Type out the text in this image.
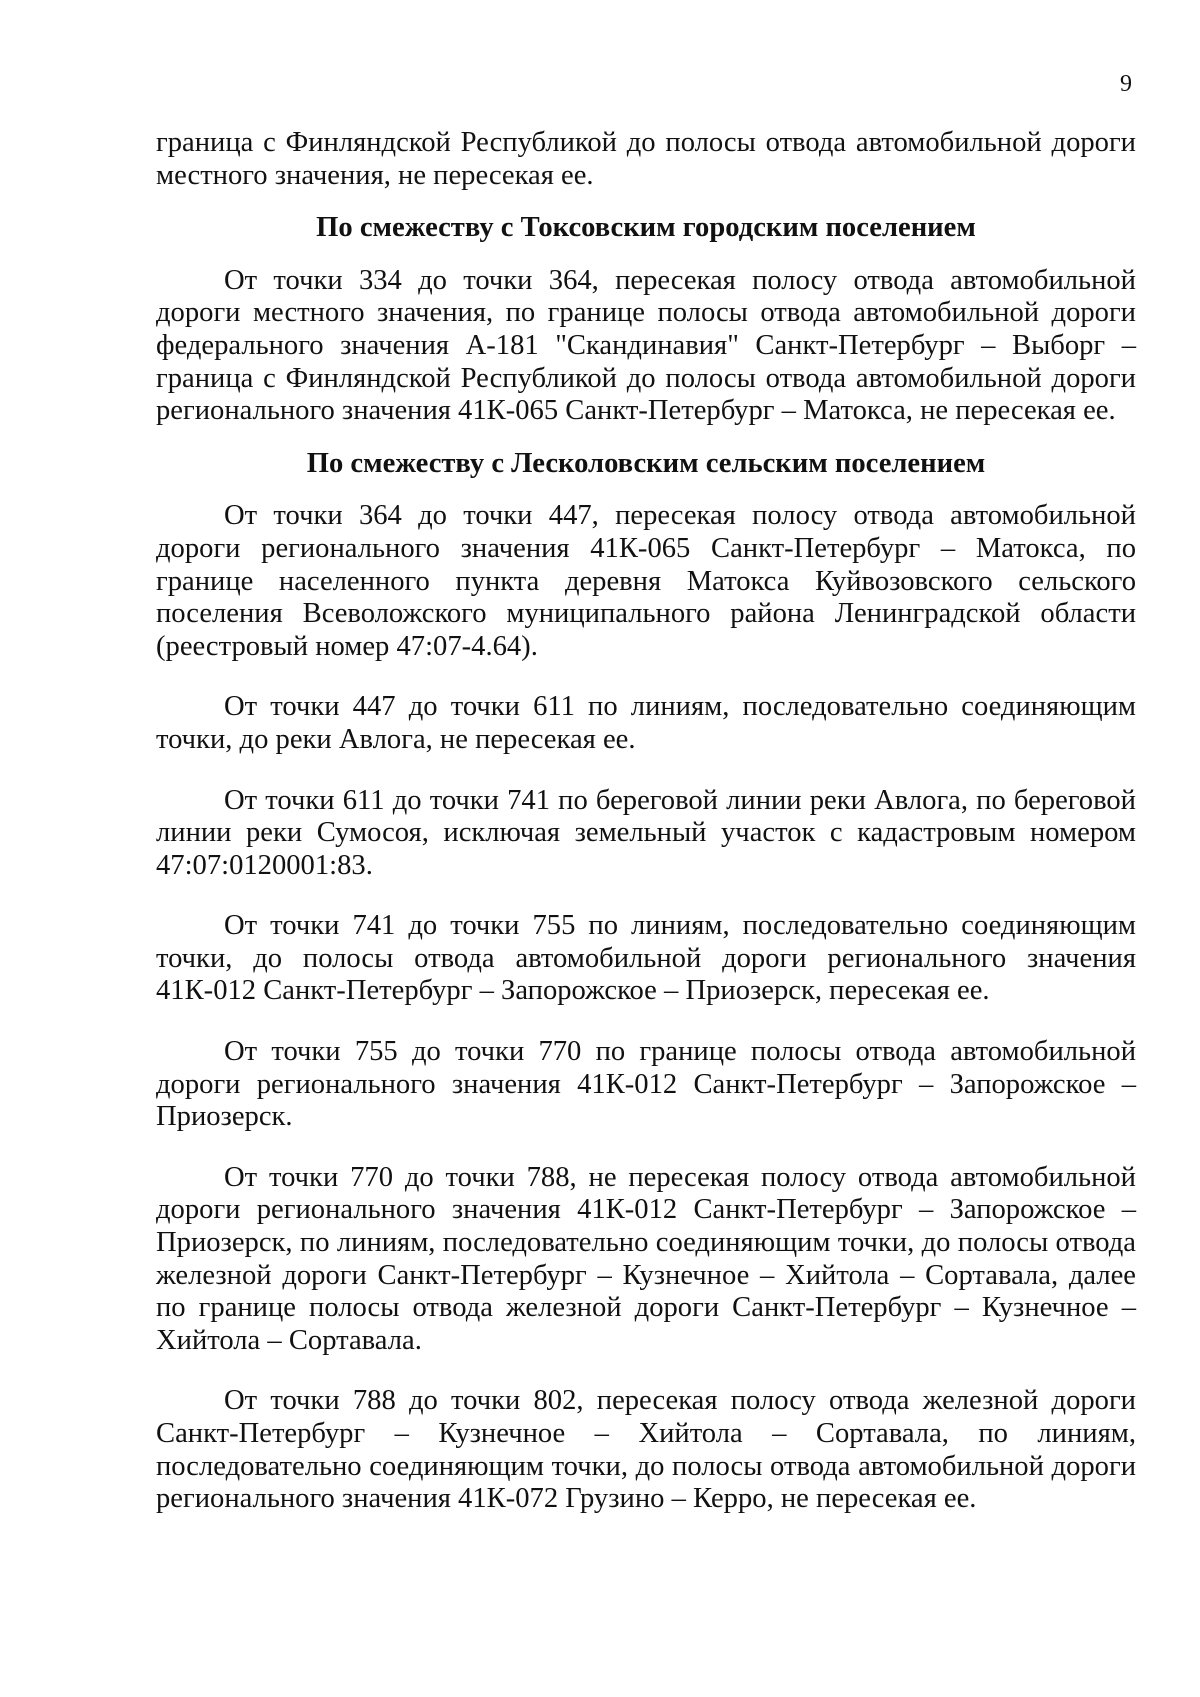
9

граница с Финляндской Республикой до полосы отвода автомобильной дороги местного значения, не пересекая ее.

По смежеству с Токсовским городским поселением

От точки 334 до точки 364, пересекая полосу отвода автомобильной дороги местного значения, по границе полосы отвода автомобильной дороги федерального значения А-181 "Скандинавия" Санкт-Петербург – Выборг – граница с Финляндской Республикой до полосы отвода автомобильной дороги регионального значения 41К-065 Санкт-Петербург – Матокса, не пересекая ее.

По смежеству с Лесколовским сельским поселением

От точки 364 до точки 447, пересекая полосу отвода автомобильной дороги регионального значения 41К-065 Санкт-Петербург – Матокса, по границе населенного пункта деревня Матокса Куйвозовского сельского поселения Всеволожского муниципального района Ленинградской области (реестровый номер 47:07-4.64).

От точки 447 до точки 611 по линиям, последовательно соединяющим точки, до реки Авлога, не пересекая ее.

От точки 611 до точки 741 по береговой линии реки Авлога, по береговой линии реки Сумосоя, исключая земельный участок с кадастровым номером 47:07:0120001:83.

От точки 741 до точки 755 по линиям, последовательно соединяющим точки, до полосы отвода автомобильной дороги регионального значения 41К-012 Санкт-Петербург – Запорожское – Приозерск, пересекая ее.

От точки 755 до точки 770 по границе полосы отвода автомобильной дороги регионального значения 41К-012 Санкт-Петербург – Запорожское – Приозерск.

От точки 770 до точки 788, не пересекая полосу отвода автомобильной дороги регионального значения 41К-012 Санкт-Петербург – Запорожское – Приозерск, по линиям, последовательно соединяющим точки, до полосы отвода железной дороги Санкт-Петербург – Кузнечное – Хийтола – Сортавала, далее по границе полосы отвода железной дороги Санкт-Петербург – Кузнечное – Хийтола – Сортавала.

От точки 788 до точки 802, пересекая полосу отвода железной дороги Санкт-Петербург – Кузнечное – Хийтола – Сортавала, по линиям, последовательно соединяющим точки, до полосы отвода автомобильной дороги регионального значения 41К-072 Грузино – Керро, не пересекая ее.
